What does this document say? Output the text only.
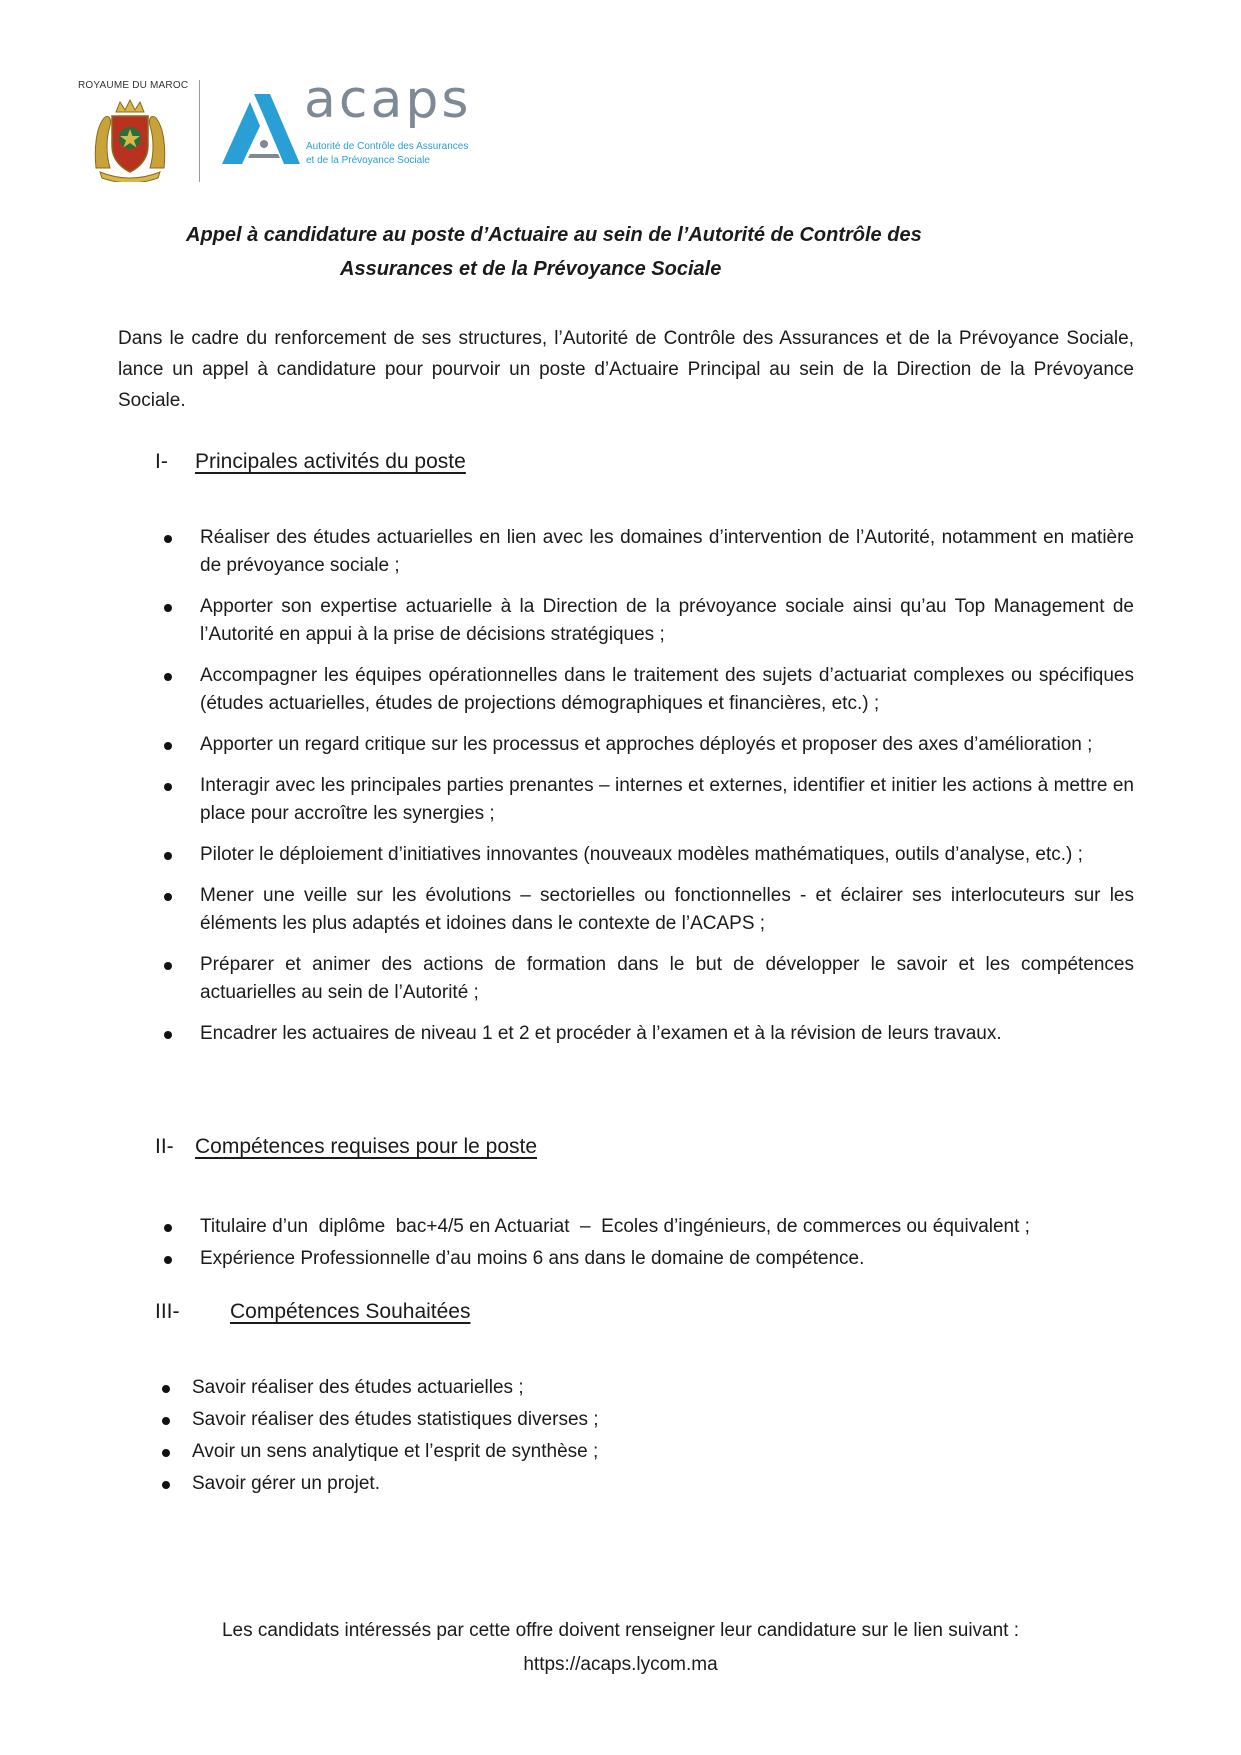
ROYAUME DU MAROC acaps
Autorité de Contrôle des Assurances
et de la Prévoyance Sociale
Appel à candidature au poste d’Actuaire au sein de l’Autorité de Contrôle des
Assurances et de la Prévoyance Sociale
Dans le cadre du renforcement de ses structures, l’Autorité de Contrôle des Assurances et de la Prévoyance Sociale, lance un appel à candidature pour pourvoir un poste d’Actuaire Principal au sein de la Direction de la Prévoyance Sociale.
I- Principales activités du poste
Réaliser des études actuarielles en lien avec les domaines d’intervention de l’Autorité, notamment en matière de prévoyance sociale ;
Apporter son expertise actuarielle à la Direction de la prévoyance sociale ainsi qu’au Top Management de l’Autorité en appui à la prise de décisions stratégiques ;
Accompagner les équipes opérationnelles dans le traitement des sujets d’actuariat complexes ou spécifiques (études actuarielles, études de projections démographiques et financières, etc.) ;
Apporter un regard critique sur les processus et approches déployés et proposer des axes d’amélioration ;
Interagir avec les principales parties prenantes – internes et externes, identifier et initier les actions à mettre en place pour accroître les synergies ;
Piloter le déploiement d’initiatives innovantes (nouveaux modèles mathématiques, outils d’analyse, etc.) ;
Mener une veille sur les évolutions – sectorielles ou fonctionnelles - et éclairer ses interlocuteurs sur les éléments les plus adaptés et idoines dans le contexte de l’ACAPS ;
Préparer et animer des actions de formation dans le but de développer le savoir et les compétences actuarielles au sein de l’Autorité ;
Encadrer les actuaires de niveau 1 et 2 et procéder à l’examen et à la révision de leurs travaux.
II- Compétences requises pour le poste
Titulaire d’un  diplôme  bac+4/5 en Actuariat  –  Ecoles d’ingénieurs, de commerces ou équivalent ;
Expérience Professionnelle d’au moins 6 ans dans le domaine de compétence.
III- Compétences Souhaitées
Savoir réaliser des études actuarielles ;
Savoir réaliser des études statistiques diverses ;
Avoir un sens analytique et l’esprit de synthèse ;
Savoir gérer un projet.
Les candidats intéressés par cette offre doivent renseigner leur candidature sur le lien suivant :
https://acaps.lycom.ma
